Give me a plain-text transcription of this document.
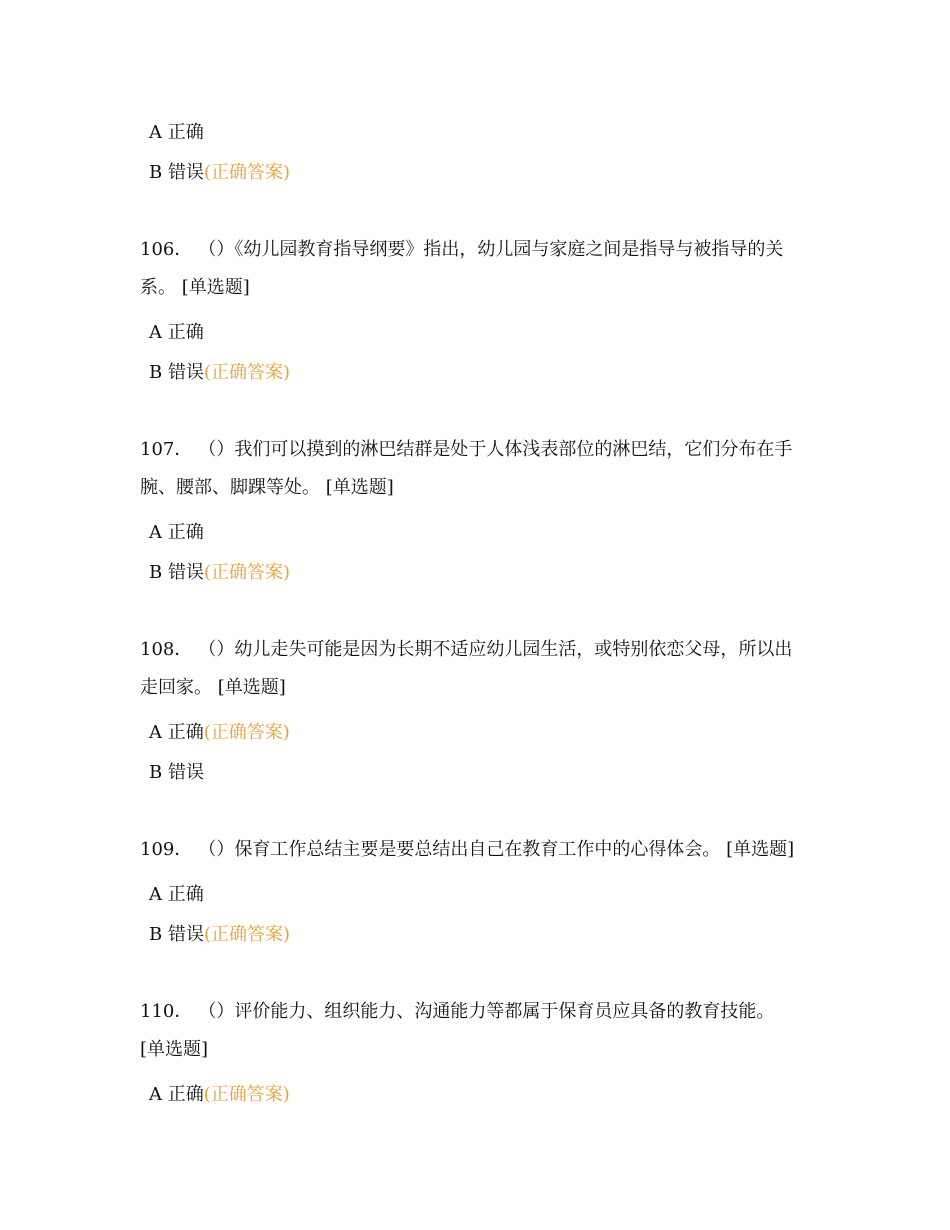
A 正确
B 错误(正确答案)
106． （）《幼儿园教育指导纲要》指出，幼儿园与家庭之间是指导与被指导的关
系。 [单选题]
A 正确
B 错误(正确答案)
107． （）我们可以摸到的淋巴结群是处于人体浅表部位的淋巴结，它们分布在手
腕、腰部、脚踝等处。 [单选题]
A 正确
B 错误(正确答案)
108． （）幼儿走失可能是因为长期不适应幼儿园生活，或特别依恋父母，所以出
走回家。 [单选题]
A 正确(正确答案)
B 错误
109． （）保育工作总结主要是要总结出自己在教育工作中的心得体会。 [单选题]
A 正确
B 错误(正确答案)
110． （）评价能力、组织能力、沟通能力等都属于保育员应具备的教育技能。
[单选题]
A 正确(正确答案)
